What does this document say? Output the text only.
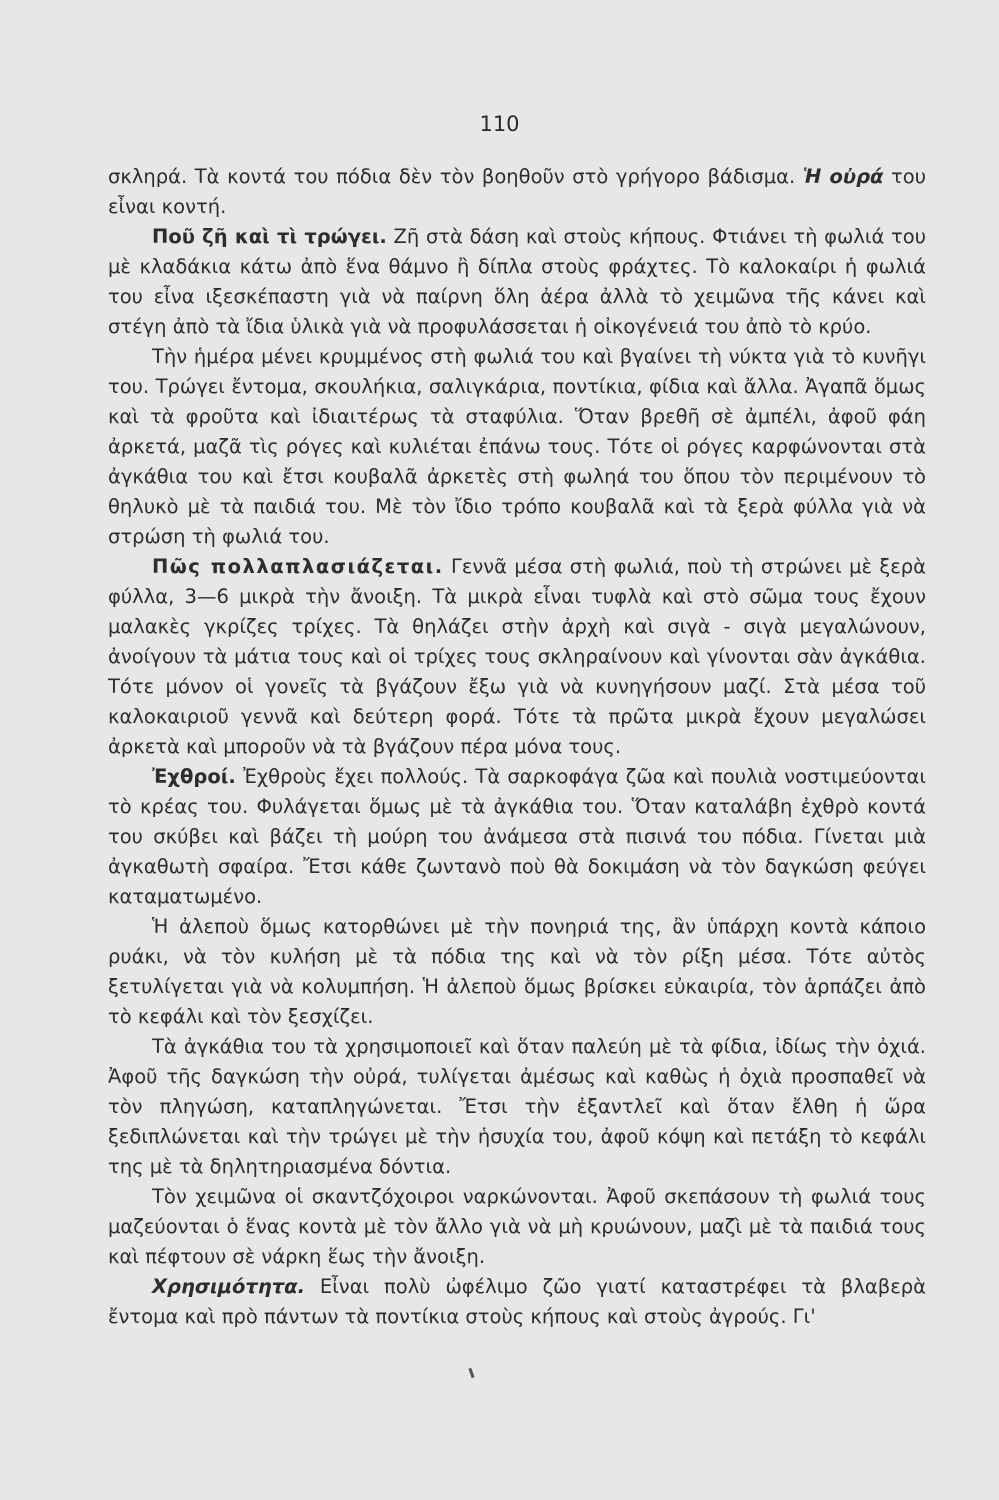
110

σκληρά. Τὰ κοντά του πόδια δὲν τὸν βοηθοῦν στὸ γρήγορο βάδισμα. Ἡ οὐρά του εἶναι κοντή.

Ποῦ ζῆ καὶ τὶ τρώγει. Ζῆ στὰ δάση καὶ στοὺς κήπους. Φτιάνει τὴ φωλιά του μὲ κλαδάκια κάτω ἀπὸ ἕνα θάμνο ἢ δίπλα στοὺς φράχτες. Τὸ καλοκαίρι ἡ φωλιά του εἶνα ιξεσκέπαστη γιὰ νὰ παίρνη ὅλη ἀέρα ἀλλὰ τὸ χειμῶνα τῆς κάνει καὶ στέγη ἀπὸ τὰ ἴδια ὑλικὰ γιὰ νὰ προφυλάσσεται ἡ οἰκογένειά του ἀπὸ τὸ κρύο.

Τὴν ἡμέρα μένει κρυμμένος στὴ φωλιά του καὶ βγαίνει τὴ νύκτα γιὰ τὸ κυνῆγι του. Τρώγει ἔντομα, σκουλήκια, σαλιγκάρια, ποντίκια, φίδια καὶ ἄλλα. Ἀγαπᾶ ὅμως καὶ τὰ φροῦτα καὶ ἰδιαιτέρως τὰ σταφύλια. Ὅταν βρεθῆ σὲ ἀμπέλι, ἀφοῦ φάη ἀρκετά, μαζᾶ τὶς ρόγες καὶ κυλιέται ἐπάνω τους. Τότε οἱ ρόγες καρφώνονται στὰ ἀγκάθια του καὶ ἔτσι κουβαλᾶ ἀρκετὲς στὴ φωληά του ὅπου τὸν περιμένουν τὸ θηλυκὸ μὲ τὰ παιδιά του. Μὲ τὸν ἴδιο τρόπο κουβαλᾶ καὶ τὰ ξερὰ φύλλα γιὰ νὰ στρώση τὴ φωλιά του.

Πῶς πολλαπλασιάζεται. Γεννᾶ μέσα στὴ φωλιά, ποὺ τὴ στρώνει μὲ ξερὰ φύλλα, 3—6 μικρὰ τὴν ἄνοιξη. Τὰ μικρὰ εἶναι τυφλὰ καὶ στὸ σῶμα τους ἔχουν μαλακὲς γκρίζες τρίχες. Τὰ θηλάζει στὴν ἀρχὴ καὶ σιγὰ - σιγὰ μεγαλώνουν, ἀνοίγουν τὰ μάτια τους καὶ οἱ τρίχες τους σκληραίνουν καὶ γίνονται σὰν ἀγκάθια. Τότε μόνον οἱ γονεῖς τὰ βγάζουν ἔξω γιὰ νὰ κυνηγήσουν μαζί. Στὰ μέσα τοῦ καλοκαιριοῦ γεννᾶ καὶ δεύτερη φορά. Τότε τὰ πρῶτα μικρὰ ἔχουν μεγαλώσει ἀρκετὰ καὶ μποροῦν νὰ τὰ βγάζουν πέρα μόνα τους.

Ἐχθροί. Ἐχθροὺς ἔχει πολλούς. Τὰ σαρκοφάγα ζῶα καὶ πουλιὰ νοστιμεύονται τὸ κρέας του. Φυλάγεται ὅμως μὲ τὰ ἀγκάθια του. Ὅταν καταλάβη ἐχθρὸ κοντά του σκύβει καὶ βάζει τὴ μούρη του ἀνάμεσα στὰ πισινά του πόδια. Γίνεται μιὰ ἀγκαθωτὴ σφαίρα. Ἔτσι κάθε ζωντανὸ ποὺ θὰ δοκιμάση νὰ τὸν δαγκώση φεύγει καταματωμένο.

Ἡ ἀλεποὺ ὅμως κατορθώνει μὲ τὴν πονηριά της, ἂν ὑπάρχη κοντὰ κάποιο ρυάκι, νὰ τὸν κυλήση μὲ τὰ πόδια της καὶ νὰ τὸν ρίξη μέσα. Τότε αὐτὸς ξετυλίγεται γιὰ νὰ κολυμπήση. Ἡ ἀλεποὺ ὅμως βρίσκει εὐκαιρία, τὸν ἁρπάζει ἀπὸ τὸ κεφάλι καὶ τὸν ξεσχίζει.

Τὰ ἀγκάθια του τὰ χρησιμοποιεῖ καὶ ὅταν παλεύη μὲ τὰ φίδια, ἰδίως τὴν ὀχιά. Ἀφοῦ τῆς δαγκώση τὴν οὐρά, τυλίγεται ἀμέσως καὶ καθὼς ἡ ὀχιὰ προσπαθεῖ νὰ τὸν πληγώση, καταπληγώνεται. Ἔτσι τὴν ἐξαντλεῖ καὶ ὅταν ἔλθη ἡ ὥρα ξεδιπλώνεται καὶ τὴν τρώγει μὲ τὴν ἡσυχία του, ἀφοῦ κόψη καὶ πετάξη τὸ κεφάλι της μὲ τὰ δηλητηριασμένα δόντια.

Τὸν χειμῶνα οἱ σκαντζόχοιροι ναρκώνονται. Ἀφοῦ σκεπάσουν τὴ φωλιά τους μαζεύονται ὁ ἕνας κοντὰ μὲ τὸν ἄλλο γιὰ νὰ μὴ κρυώνουν, μαζὶ μὲ τὰ παιδιά τους καὶ πέφτουν σὲ νάρκη ἕως τὴν ἄνοιξη.

Χρησιμότητα. Εἶναι πολὺ ὠφέλιμο ζῶο γιατί καταστρέφει τὰ βλαβερὰ ἔντομα καὶ πρὸ πάντων τὰ ποντίκια στοὺς κήπους καὶ στοὺς ἀγρούς. Γι'
